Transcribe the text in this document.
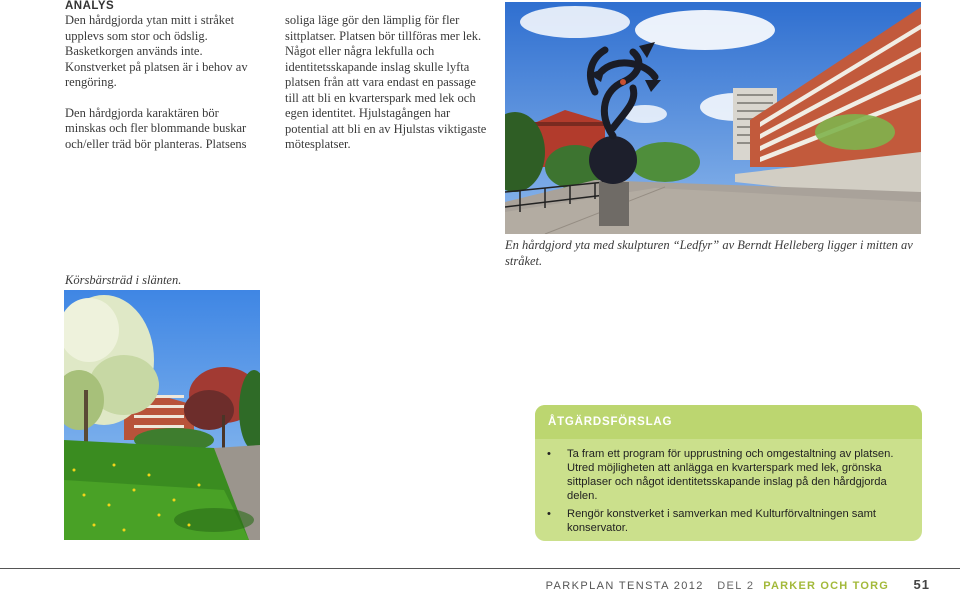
ANALYS

Den hårdgjorda ytan mitt i stråket upplevs som stor och ödslig. Basketkorgen används inte. Konstverket på platsen är i behov av rengöring.

Den hårdgjorda karaktären bör minskas och fler blommande buskar och/eller träd bör planteras. Platsens

soliga läge gör den lämplig för fler sittplatser. Platsen bör tillföras mer lek. Något eller några lekfulla och identitetsskapande inslag skulle lyfta platsen från att vara endast en passage till att bli en kvarterspark med lek och egen identitet. Hjulstagången har potential att bli en av Hjulstas viktigaste mötesplatser.

En hårdgjord yta med skulpturen “Ledfyr” av Berndt Helleberg ligger i mitten av stråket.
Körsbärsträd i slänten.
ÅTGÄRDSFÖRSLAG
• Ta fram ett program för upprustning och omgestaltning av platsen. Utred möjligheten att anlägga en kvarterspark med lek, grönska sittplaser och något identitetsskapande inslag på den hårdgjorda delen.
• Rengör konstverket i samverkan med Kulturförvaltningen samt konservator.
PARKPLAN TENSTA 2012 DEL 2 PARKER OCH TORG 51
